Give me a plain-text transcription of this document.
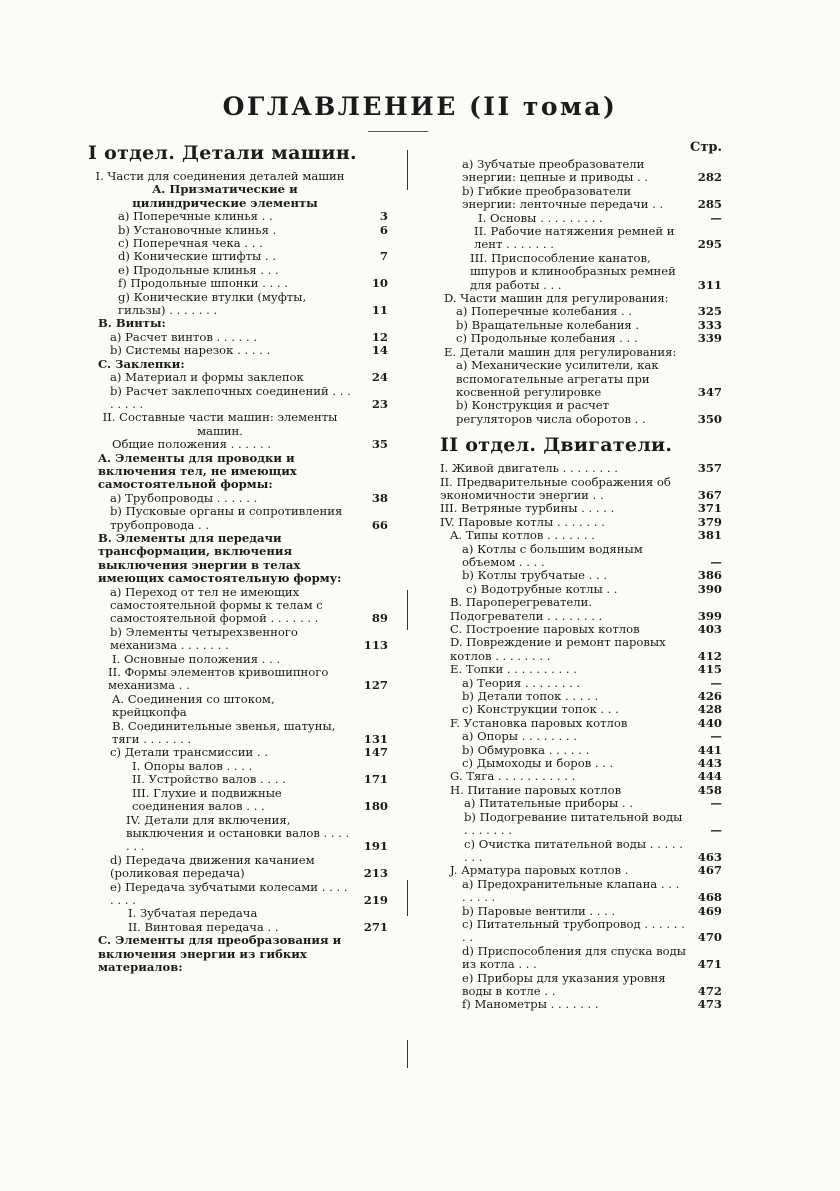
ОГЛАВЛЕНИЕ (II тома)
I отдел. Детали машин.
I. Части для соединения деталей машин
A. Призматические и цилиндрические элементы
a) Поперечные клинья . .	3
b) Установочные клинья .	6
c) Поперечная чека . . .
d) Конические штифты . .	7
e) Продольные клинья . . .
f) Продольные шпонки . . . .	10
g) Конические втулки (муфты, гильзы) . . . . . . .	11
B. Винты:
a) Расчет винтов . . . . . .	12
b) Системы нарезок . . . . .	14
C. Заклепки:
a) Материал и формы заклепок	24
b) Расчет заклепочных соединений . . . . . . . .	23
II. Составные части машин: элементы машин.
Общие положения . . . . . .	35
A. Элементы для проводки и включения тел, не имеющих самостоятельной формы:
a) Трубопроводы . . . . . .	38
b) Пусковые органы и сопротивления трубопровода . .	66
B. Элементы для передачи трансформации, включения выключения энергии в телах имеющих самостоятельную форму:
a) Переход от тел не имеющих самостоятельной формы к телам с самостоятельной формой . . . . . . .	89
b) Элементы четырехзвенного механизма . . . . . . .	113
I. Основные положения . . .
II. Формы элементов кривошипного механизма . .	127
A. Соединения со штоком, крейцкопфа
B. Соединительные звенья, шатуны, тяги . . . . . . .	131
c) Детали трансмиссии . .	147
I. Опоры валов . . . .
II. Устройство валов . . . .	171
III. Глухие и подвижные соединения валов . . .	180
IV. Детали для включения, выключения и остановки валов . . . . . . .	191
d) Передача движения качанием (роликовая передача)	213
e) Передача зубчатыми колесами . . . . . . . .	219
I. Зубчатая передача
II. Винтовая передача . .	271
C. Элементы для преобразования и включения энергии из гибких материалов:
Стр.
a) Зубчатые преобразователи энергии: цепные и приводы . .	282
b) Гибкие преобразователи энергии: ленточные передачи . .	285
I. Основы . . . . . . . . .	—
II. Рабочие натяжения ремней и лент . . . . . . .	295
III. Приспособление канатов, шпуров и клинообразных ремней для работы . . .	311
D. Части машин для регулирования:
a) Поперечные колебания . .	325
b) Вращательные колебания .	333
c) Продольные колебания . . .	339
E. Детали машин для регулирования:
a) Механические усилители, как вспомогательные агрегаты при косвенной регулировке	347
b) Конструкция и расчет регуляторов числа оборотов . .	350
II отдел. Двигатели.
I. Живой двигатель . . . . . . . .	357
II. Предварительные соображения об экономичности энергии . .	367
III. Ветряные турбины . . . . .	371
IV. Паровые котлы . . . . . . .	379
A. Типы котлов . . . . . . .	381
a) Котлы с большим водяным объемом . . . .	—
b) Котлы трубчатые . . .	386
c) Водотрубные котлы . .	390
B. Пароперегреватели. Подогреватели . . . . . . . .	399
C. Построение паровых котлов	403
D. Повреждение и ремонт паровых котлов . . . . . . . .	412
E. Топки . . . . . . . . . .	415
a) Теория . . . . . . . .	—
b) Детали топок . . . . .	426
c) Конструкции топок . . .	428
F. Установка паровых котлов	440
a) Опоры . . . . . . . .	—
b) Обмуровка . . . . . .	441
c) Дымоходы и боров . . .	443
G. Тяга . . . . . . . . . . .	444
H. Питание паровых котлов	458
a) Питательные приборы . .	—
b) Подогревание питательной воды . . . . . . .	—
c) Очистка питательной воды . . . . . . . .	463
J. Арматура паровых котлов .	467
a) Предохранительные клапана . . . . . . . .	468
b) Паровые вентили . . . .	469
c) Питательный трубопровод . . . . . . . .	470
d) Приспособления для спуска воды из котла . . .	471
e) Приборы для указания уровня воды в котле . .	472
f) Манометры . . . . . . .	473
